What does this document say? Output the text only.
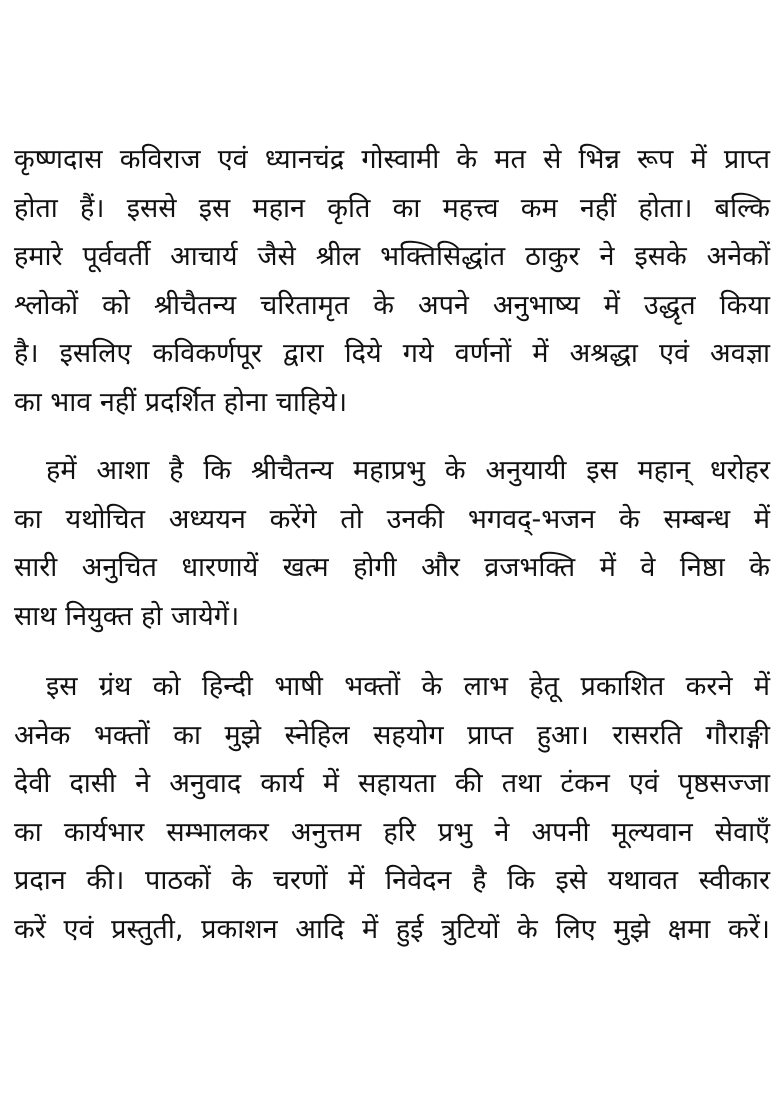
कृष्णदास कविराज एवं ध्यानचंद्र गोस्वामी के मत से भिन्न रूप में प्राप्त
होता हैं। इससे इस महान कृति का महत्त्व कम नहीं होता। बल्कि
हमारे पूर्ववर्ती आचार्य जैसे श्रील भक्तिसिद्धांत ठाकुर ने इसके अनेकों
श्लोकों को श्रीचैतन्य चरितामृत के अपने अनुभाष्य में उद्धृत किया
है। इसलिए कविकर्णपूर द्वारा दिये गये वर्णनों में अश्रद्धा एवं अवज्ञा
का भाव नहीं प्रदर्शित होना चाहिये।

हमें आशा है कि श्रीचैतन्य महाप्रभु के अनुयायी इस महान् धरोहर
का यथोचित अध्ययन करेंगे तो उनकी भगवद्-भजन के सम्बन्ध में
सारी अनुचित धारणायें खत्म होगी और व्रजभक्ति में वे निष्ठा के
साथ नियुक्त हो जायेगें।

इस ग्रंथ को हिन्दी भाषी भक्तों के लाभ हेतू प्रकाशित करने में
अनेक भक्तों का मुझे स्नेहिल सहयोग प्राप्त हुआ। रासरति गौराङ्गी
देवी दासी ने अनुवाद कार्य में सहायता की तथा टंकन एवं पृष्ठसज्जा
का कार्यभार सम्भालकर अनुत्तम हरि प्रभु ने अपनी मूल्यवान सेवाएँ
प्रदान की। पाठकों के चरणों में निवेदन है कि इसे यथावत स्वीकार
करें एवं प्रस्तुती, प्रकाशन आदि में हुई त्रुटियों के लिए मुझे क्षमा करें।
